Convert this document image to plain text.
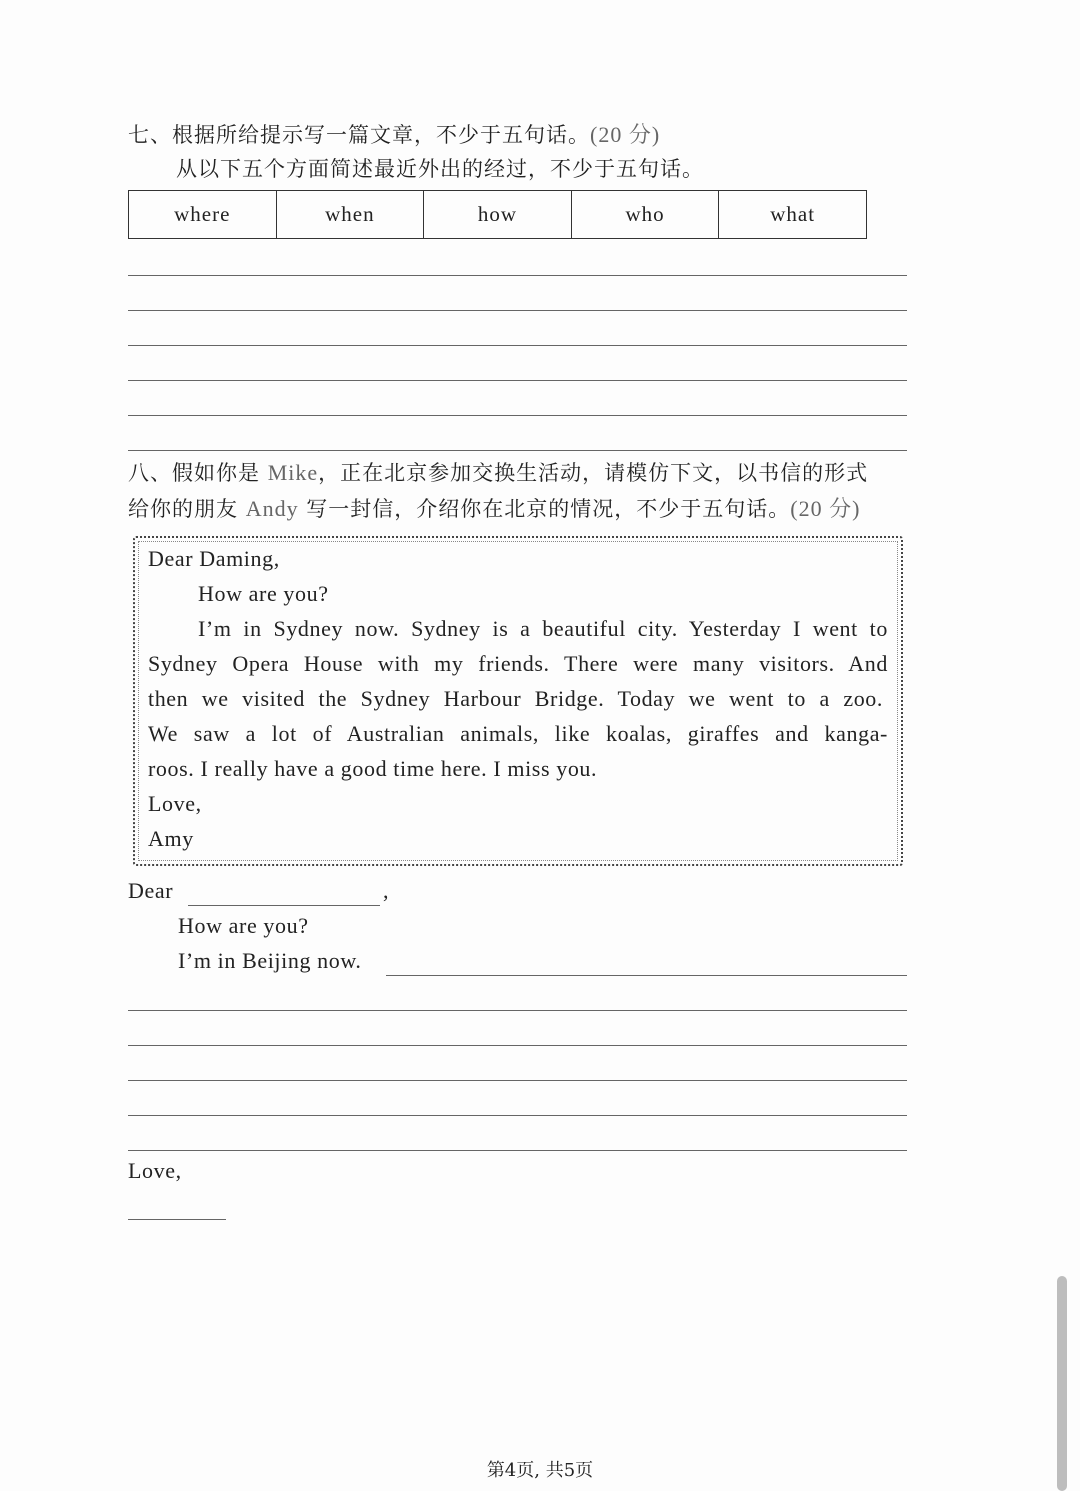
七、根据所给提示写一篇文章，不少于五句话。(20 分)
从以下五个方面简述最近外出的经过，不少于五句话。
where	when	how	who	what
八、假如你是 Mike，正在北京参加交换生活动，请模仿下文，以书信的形式
给你的朋友 Andy 写一封信，介绍你在北京的情况，不少于五句话。(20 分)
Dear Daming,
How are you?
I’m in Sydney now. Sydney is a beautiful city. Yesterday I went to
Sydney Opera House with my friends. There were many visitors. And
then we visited the Sydney Harbour Bridge. Today we went to a zoo.
We saw a lot of Australian animals, like koalas, giraffes and kanga-
roos. I really have a good time here. I miss you.
Love,
Amy
Dear	,
How are you?
I’m in Beijing now.
Love,
第4页, 共5页
